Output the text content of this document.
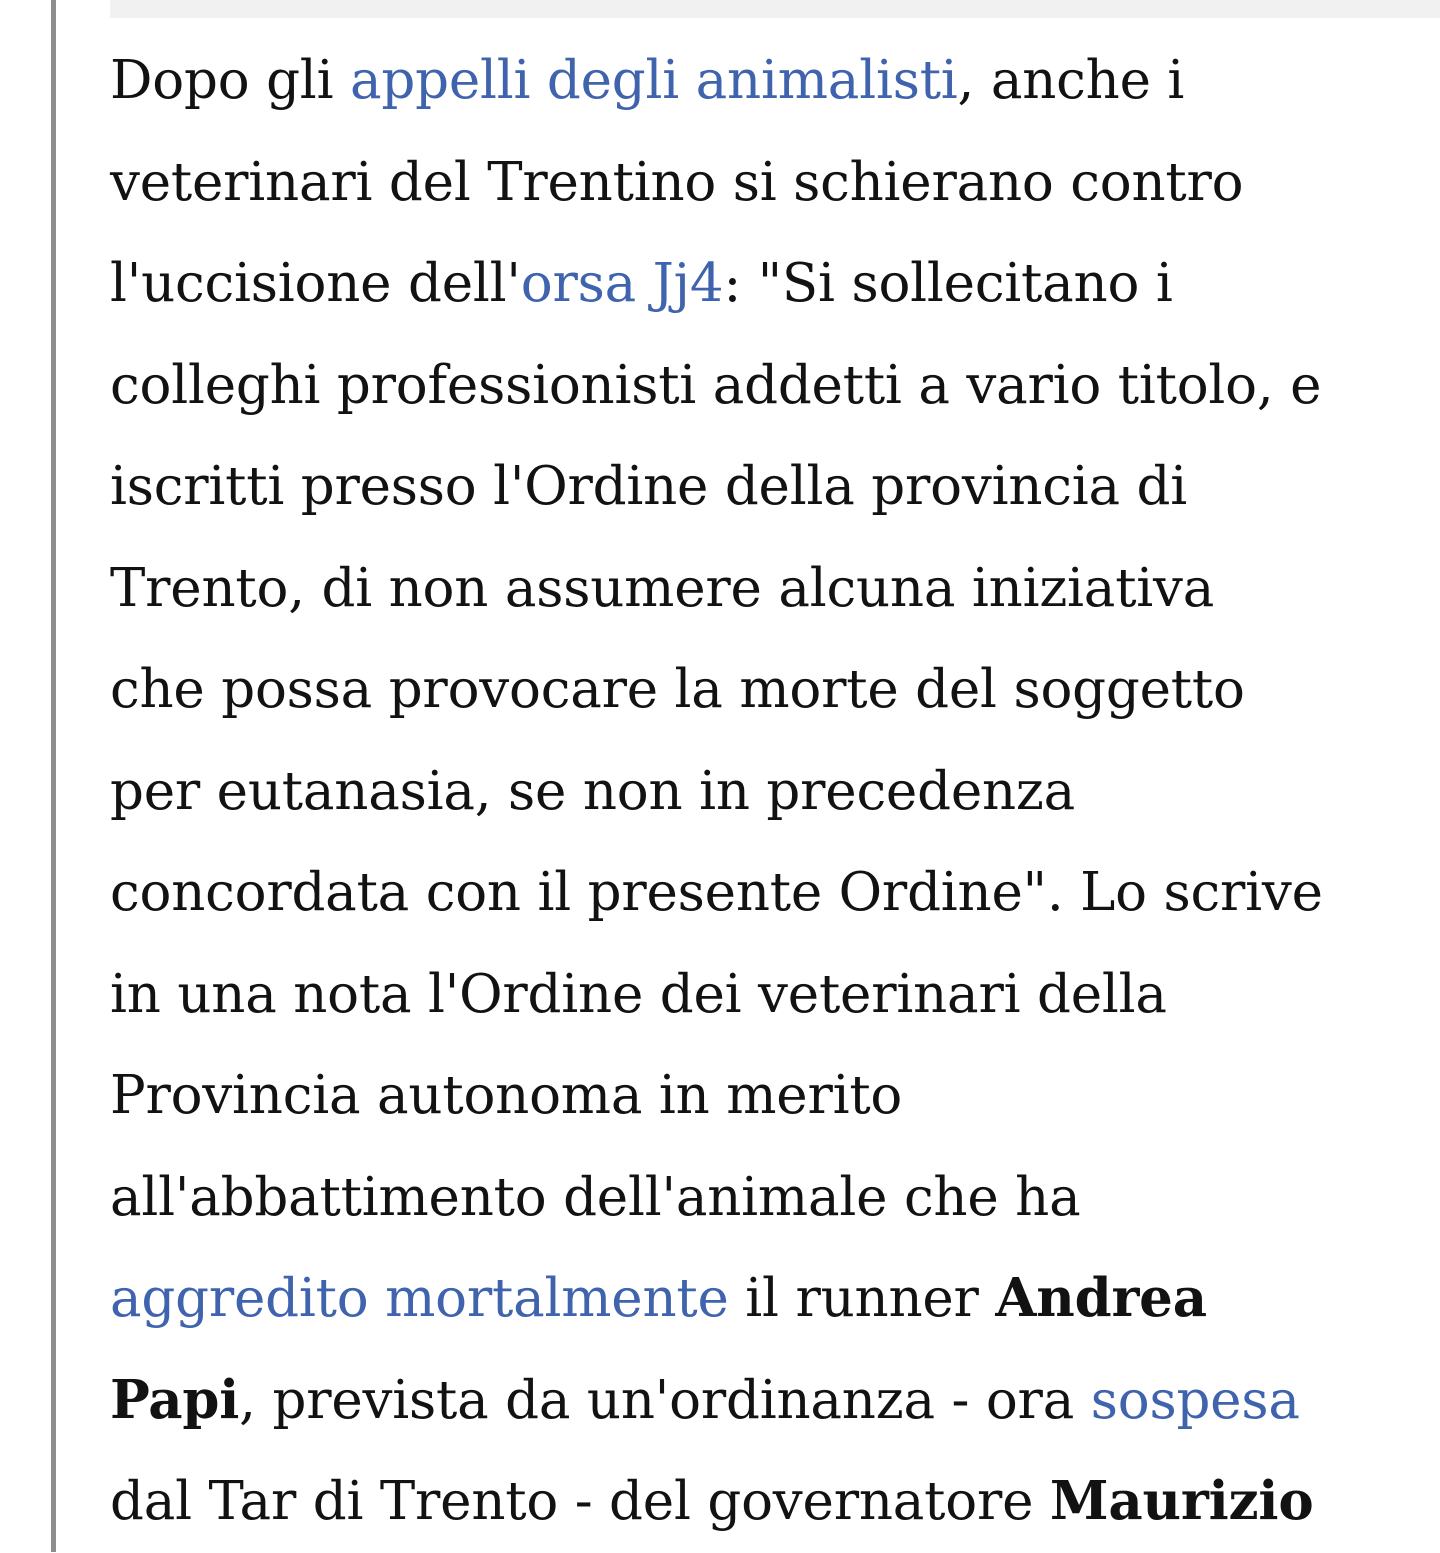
Dopo gli appelli degli animalisti, anche i
veterinari del Trentino si schierano contro
l'uccisione dell'orsa Jj4: "Si sollecitano i
colleghi professionisti addetti a vario titolo, e
iscritti presso l'Ordine della provincia di
Trento, di non assumere alcuna iniziativa
che possa provocare la morte del soggetto
per eutanasia, se non in precedenza
concordata con il presente Ordine". Lo scrive
in una nota l'Ordine dei veterinari della
Provincia autonoma in merito
all'abbattimento dell'animale che ha
aggredito mortalmente il runner Andrea
Papi, prevista da un'ordinanza - ora sospesa
dal Tar di Trento - del governatore Maurizio
